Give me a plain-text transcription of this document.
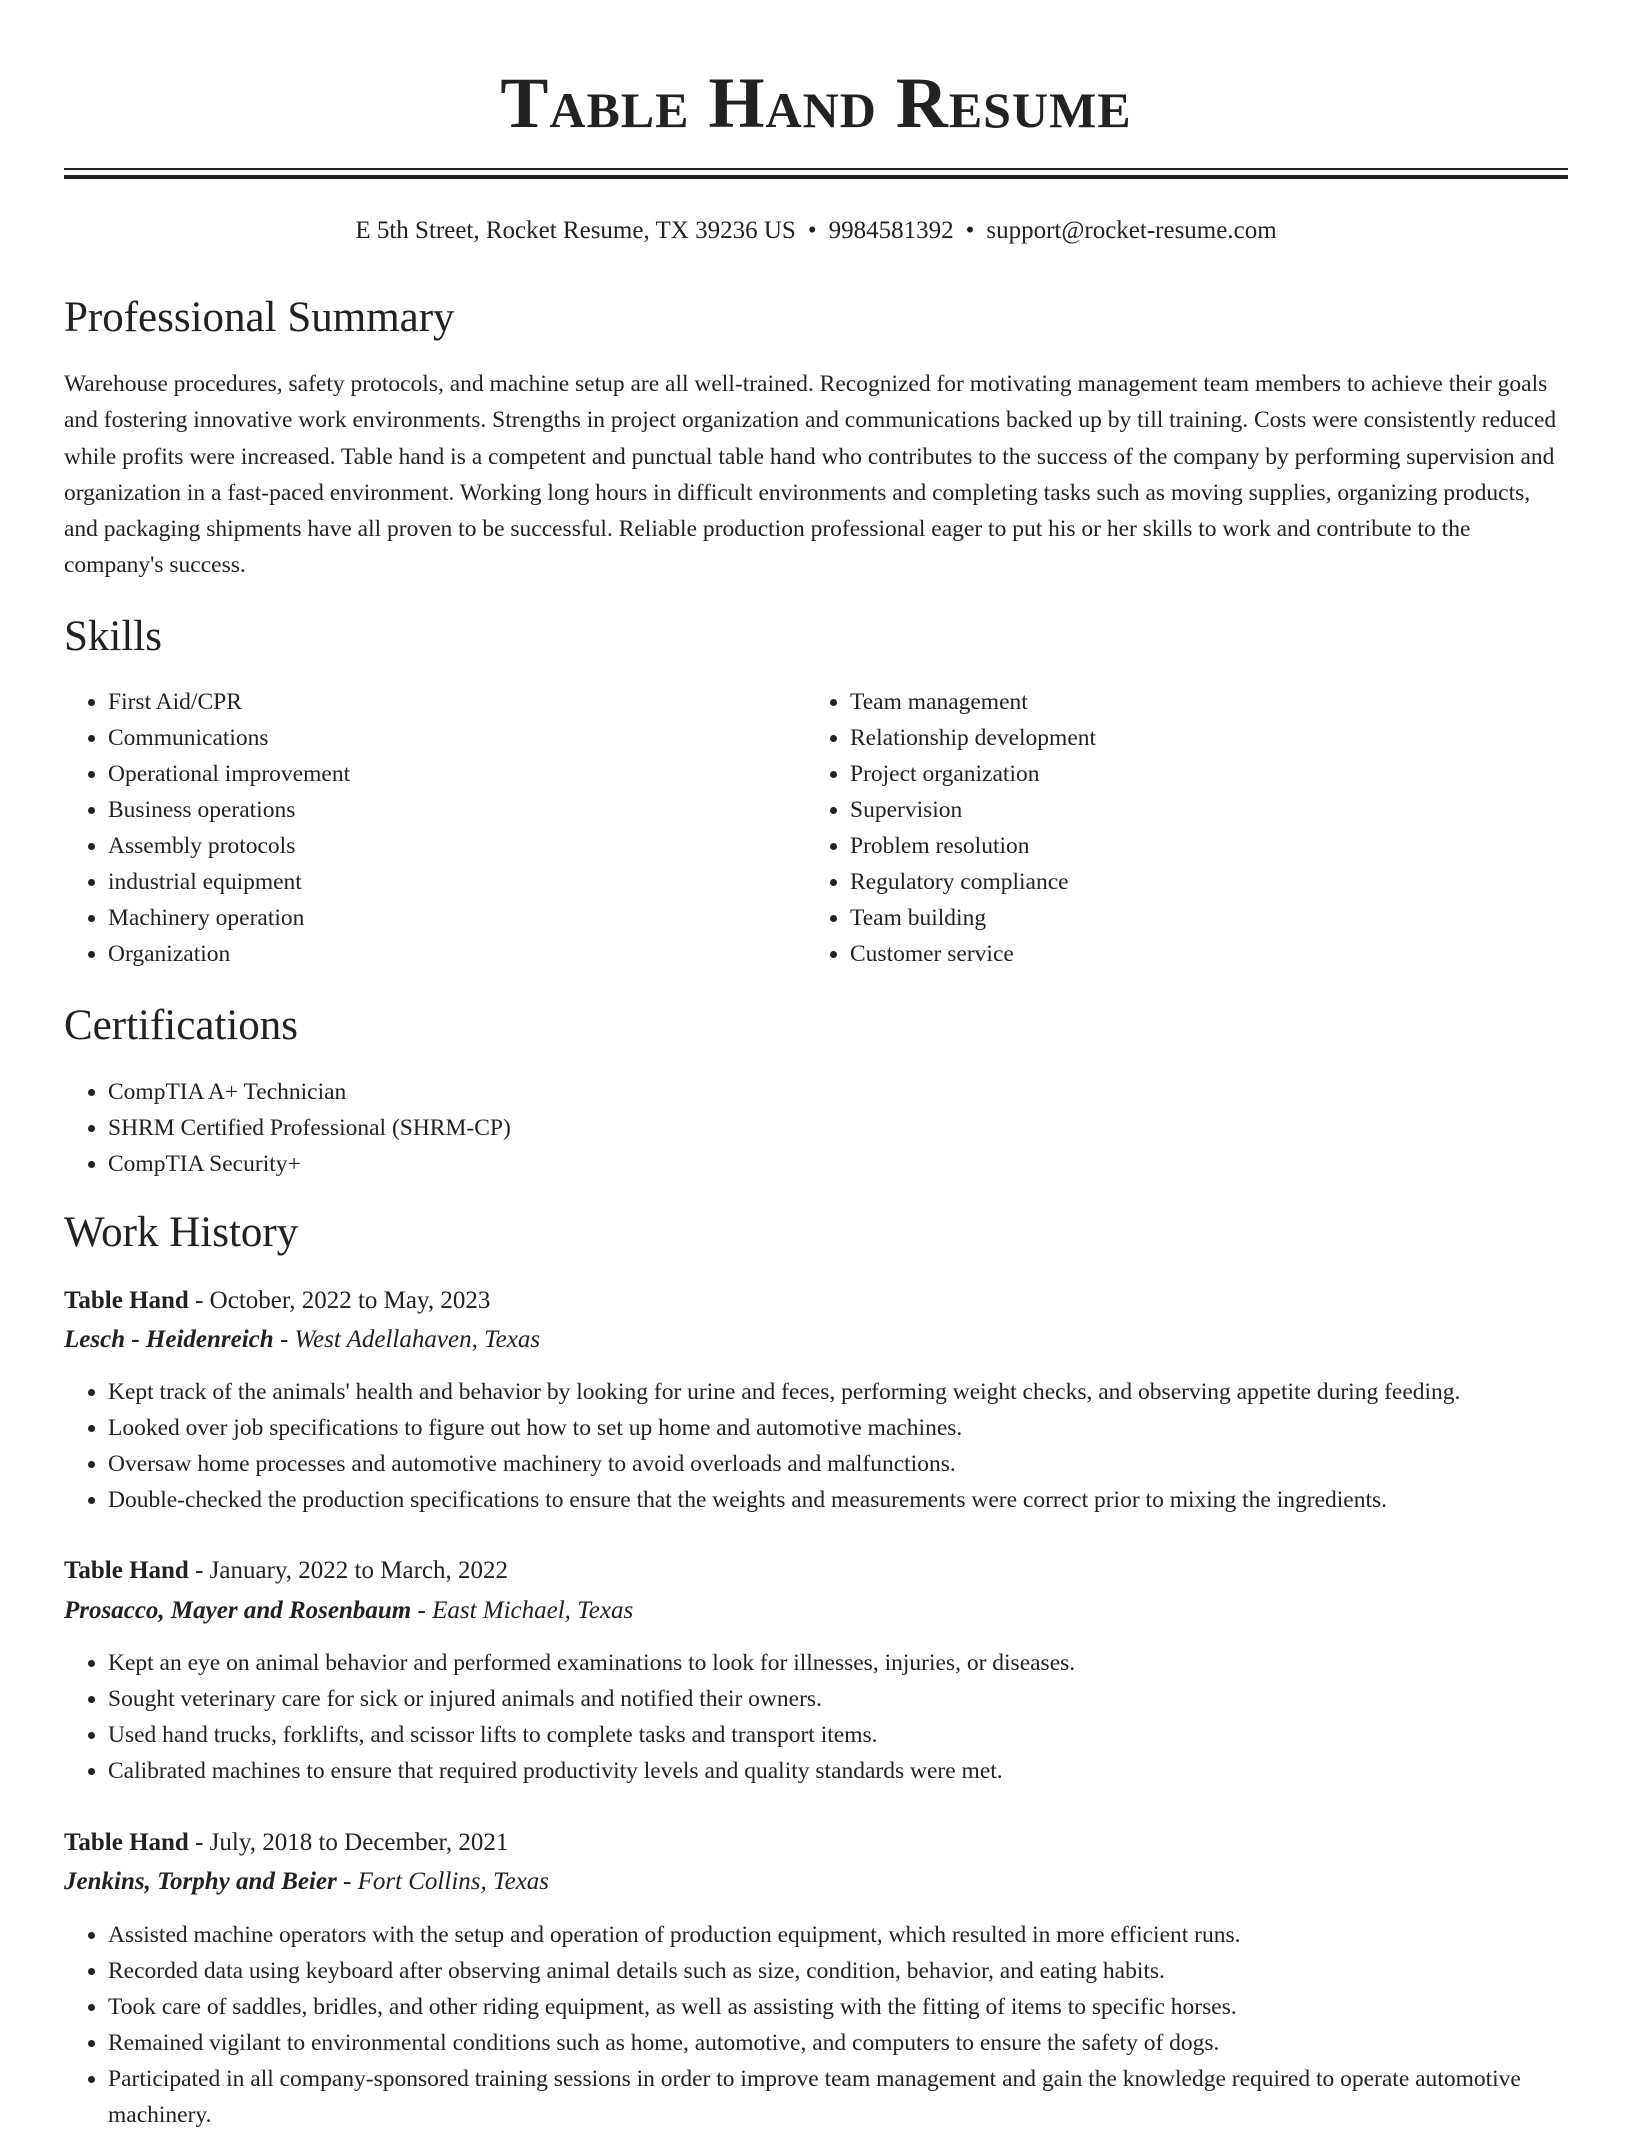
Table Hand Resume
E 5th Street, Rocket Resume, TX 39236 US • 9984581392 • support@rocket-resume.com
Professional Summary

Warehouse procedures, safety protocols, and machine setup are all well-trained. Recognized for motivating management team members to achieve their goals and fostering innovative work environments. Strengths in project organization and communications backed up by till training. Costs were consistently reduced while profits were increased. Table hand is a competent and punctual table hand who contributes to the success of the company by performing supervision and organization in a fast-paced environment. Working long hours in difficult environments and completing tasks such as moving supplies, organizing products, and packaging shipments have all proven to be successful. Reliable production professional eager to put his or her skills to work and contribute to the company's success.

Skills
• First Aid/CPR
• Communications
• Operational improvement
• Business operations
• Assembly protocols
• industrial equipment
• Machinery operation
• Organization
• Team management
• Relationship development
• Project organization
• Supervision
• Problem resolution
• Regulatory compliance
• Team building
• Customer service
Certifications
• CompTIA A+ Technician
• SHRM Certified Professional (SHRM-CP)
• CompTIA Security+
Work History
Table Hand - October, 2022 to May, 2023
Lesch - Heidenreich - West Adellahaven, Texas
• Kept track of the animals' health and behavior by looking for urine and feces, performing weight checks, and observing appetite during feeding.
• Looked over job specifications to figure out how to set up home and automotive machines.
• Oversaw home processes and automotive machinery to avoid overloads and malfunctions.
• Double-checked the production specifications to ensure that the weights and measurements were correct prior to mixing the ingredients.
Table Hand - January, 2022 to March, 2022
Prosacco, Mayer and Rosenbaum - East Michael, Texas
• Kept an eye on animal behavior and performed examinations to look for illnesses, injuries, or diseases.
• Sought veterinary care for sick or injured animals and notified their owners.
• Used hand trucks, forklifts, and scissor lifts to complete tasks and transport items.
• Calibrated machines to ensure that required productivity levels and quality standards were met.
Table Hand - July, 2018 to December, 2021
Jenkins, Torphy and Beier - Fort Collins, Texas
• Assisted machine operators with the setup and operation of production equipment, which resulted in more efficient runs.
• Recorded data using keyboard after observing animal details such as size, condition, behavior, and eating habits.
• Took care of saddles, bridles, and other riding equipment, as well as assisting with the fitting of items to specific horses.
• Remained vigilant to environmental conditions such as home, automotive, and computers to ensure the safety of dogs.
• Participated in all company-sponsored training sessions in order to improve team management and gain the knowledge required to operate automotive machinery.
